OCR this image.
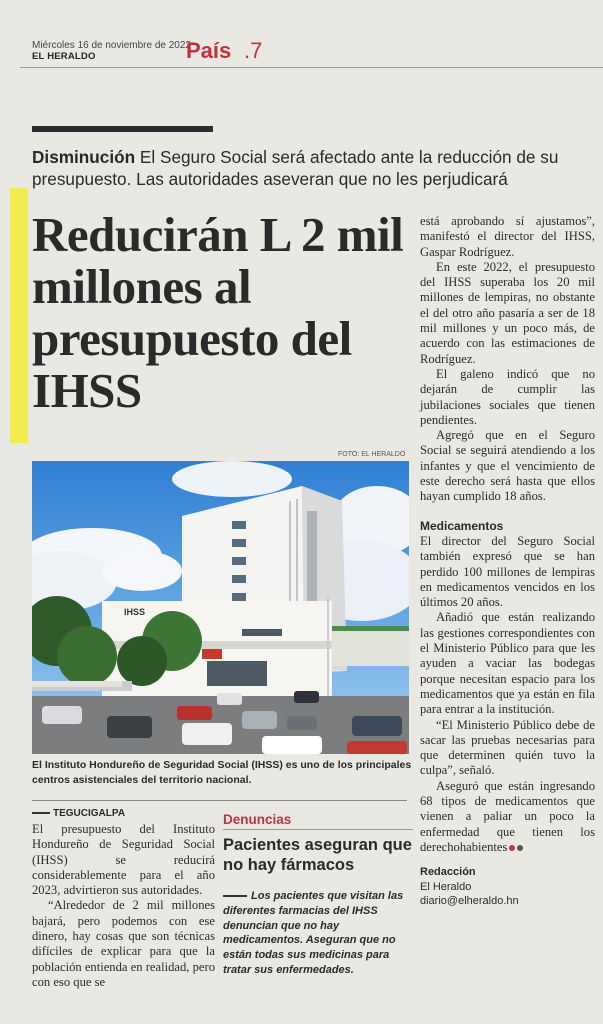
Miércoles 16 de noviembre de 2022
EL HERALDO	País .7
Disminución El Seguro Social será afectado ante la reducción de su presupuesto. Las autoridades aseveran que no les perjudicará
Reducirán L 2 mil millones al presupuesto del IHSS
FOTO: EL HERALDO
IHSS
El Instituto Hondureño de Seguridad Social (IHSS) es uno de los principales centros asistenciales del territorio nacional.
TEGUCIGALPA

El presupuesto del Instituto Hondureño de Seguridad Social (IHSS) se reducirá considerablemente para el año 2023, advirtieron sus autoridades.

“Alrededor de 2 mil millones bajará, pero podemos con ese dinero, hay cosas que son técnicas difíciles de explicar para que la población entienda en realidad, pero con eso que se

Denuncias
Pacientes aseguran que no hay fármacos
Los pacientes que visitan las diferentes farmacias del IHSS denuncian que no hay medicamentos. Aseguran que no están todas sus medicinas para tratar sus enfermedades.

está aprobando sí ajustamos”, manifestó el director del IHSS, Gaspar Rodríguez.

En este 2022, el presupuesto del IHSS superaba los 20 mil millones de lempiras, no obstante el del otro año pasaría a ser de 18 mil millones y un poco más, de acuerdo con las estimaciones de Rodríguez.

El galeno indicó que no dejarán de cumplir las jubilaciones sociales que tienen pendientes.

Agregó que en el Seguro Social se seguirá atendiendo a los infantes y que el vencimiento de este derecho será hasta que ellos hayan cumplido 18 años.

Medicamentos

El director del Seguro Social también expresó que se han perdido 100 millones de lempiras en medicamentos vencidos en los últimos 20 años.

Añadió que están realizando las gestiones correspondientes con el Ministerio Público para que les ayuden a vaciar las bodegas porque necesitan espacio para los medicamentos que ya están en fila para entrar a la institución.

“El Ministerio Público debe de sacar las pruebas necesarias para que determinen quién tuvo la culpa”, señaló.

Aseguró que están ingresando 68 tipos de medicamentos que vienen a paliar un poco la enfermedad que tienen los derechohabientes

Redacción
El Heraldo
diario@elheraldo.hn
